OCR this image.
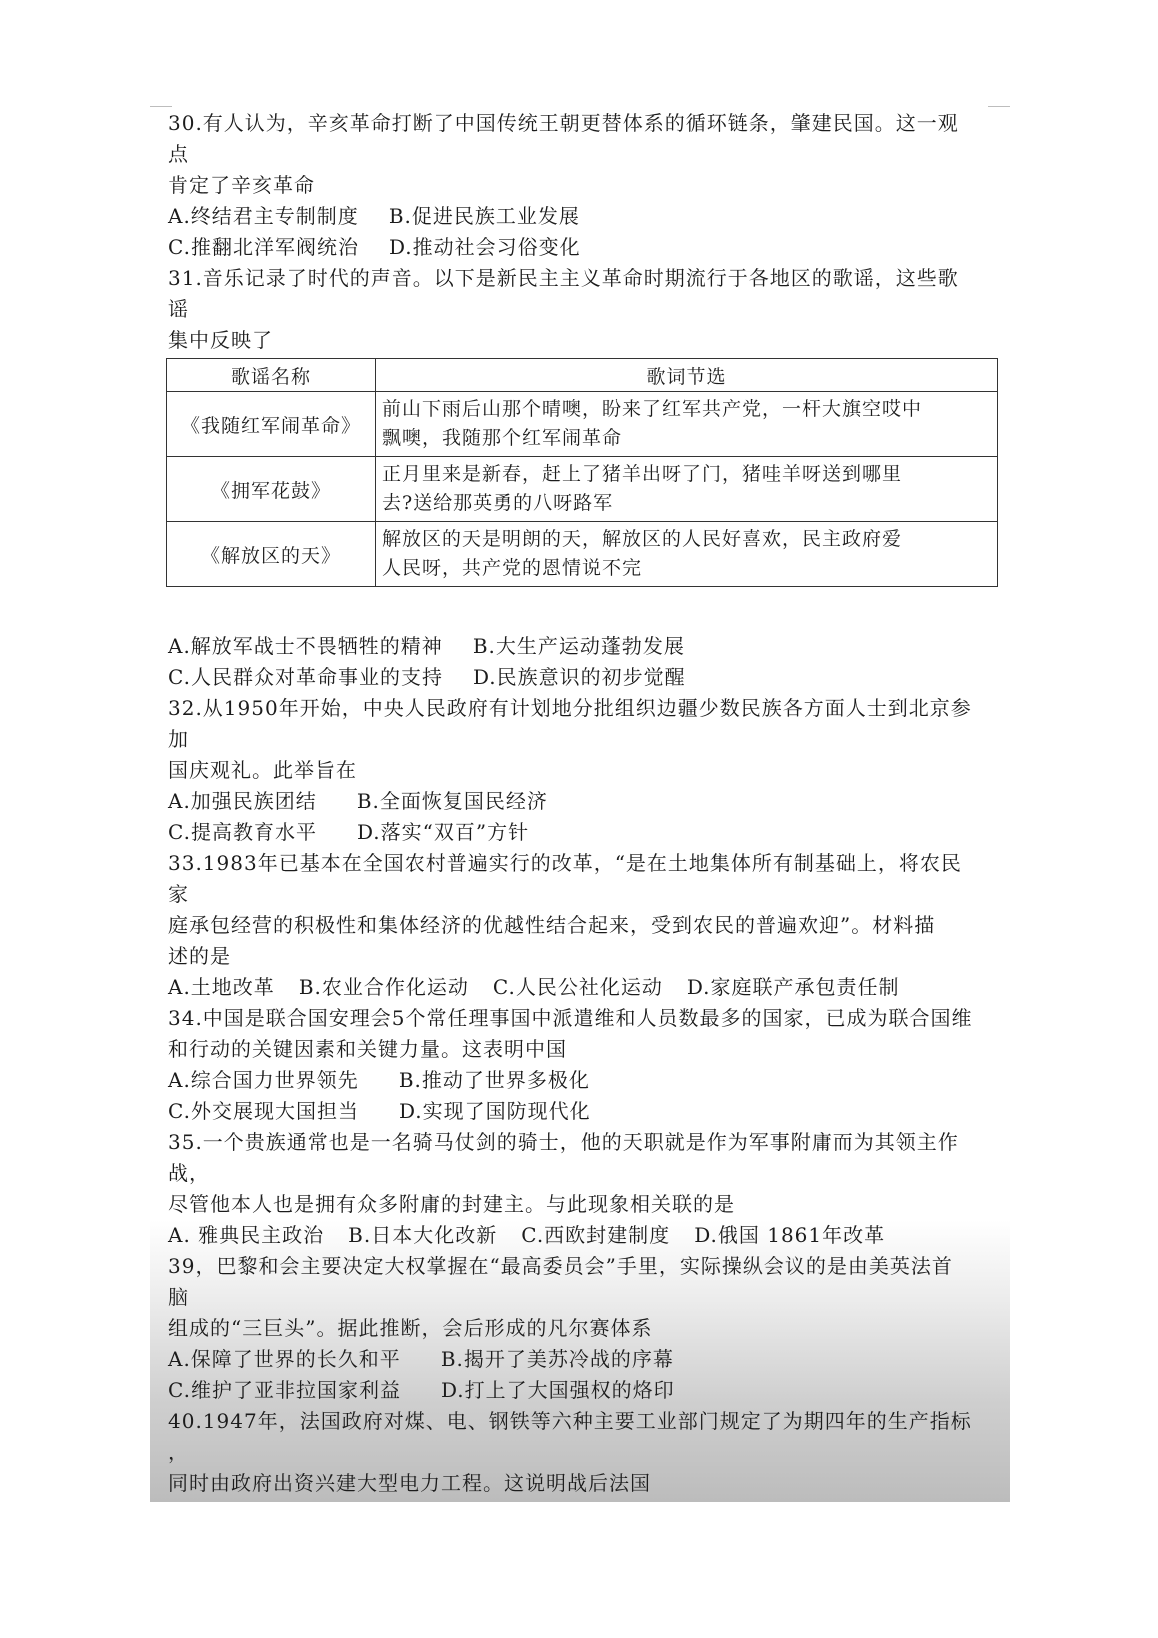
30.有人认为，辛亥革命打断了中国传统王朝更替体系的循环链条，肇建民国。这一观
点
肯定了辛亥革命
A.终结君主专制制度 B.促进民族工业发展
C.推翻北洋军阀统治 D.推动社会习俗变化
31.音乐记录了时代的声音。以下是新民主主义革命时期流行于各地区的歌谣，这些歌
谣
集中反映了
歌谣名称	歌词节选
《我随红军闹革命》	前山下雨后山那个晴噢，盼来了红军共产党，一杆大旗空哎中
飘噢，我随那个红军闹革命

《拥军花鼓》	正月里来是新春，赶上了猪羊出呀了门，猪哇羊呀送到哪里
去?送给那英勇的八呀路军

《解放区的天》	解放区的天是明朗的天，解放区的人民好喜欢，民主政府爱
人民呀，共产党的恩情说不完
A.解放军战士不畏牺牲的精神 B.大生产运动蓬勃发展
C.人民群众对革命事业的支持 D.民族意识的初步觉醒
32.从1950年开始，中央人民政府有计划地分批组织边疆少数民族各方面人士到北京参
加
国庆观礼。此举旨在
A.加强民族团结 B.全面恢复国民经济
C.提高教育水平 D.落实“双百”方针
33.1983年已基本在全国农村普遍实行的改革，“是在土地集体所有制基础上，将农民
家
庭承包经营的积极性和集体经济的优越性结合起来，受到农民的普遍欢迎”。材料描
述的是
A.土地改革 B.农业合作化运动 C.人民公社化运动 D.家庭联产承包责任制
34.中国是联合国安理会5个常任理事国中派遣维和人员数最多的国家，已成为联合国维
和行动的关键因素和关键力量。这表明中国
A.综合国力世界领先 B.推动了世界多极化
C.外交展现大国担当 D.实现了国防现代化
35.一个贵族通常也是一名骑马仗剑的骑士，他的天职就是作为军事附庸而为其领主作
战，
尽管他本人也是拥有众多附庸的封建主。与此现象相关联的是
A. 雅典民主政治 B.日本大化改新 C.西欧封建制度 D.俄国 1861年改革
39，巴黎和会主要决定大权掌握在“最高委员会”手里，实际操纵会议的是由美英法首
脑
组成的“三巨头”。据此推断，会后形成的凡尔赛体系
A.保障了世界的长久和平 B.揭开了美苏冷战的序幕
C.维护了亚非拉国家利益 D.打上了大国强权的烙印
40.1947年，法国政府对煤、电、钢铁等六种主要工业部门规定了为期四年的生产指标
，
同时由政府出资兴建大型电力工程。这说明战后法国
